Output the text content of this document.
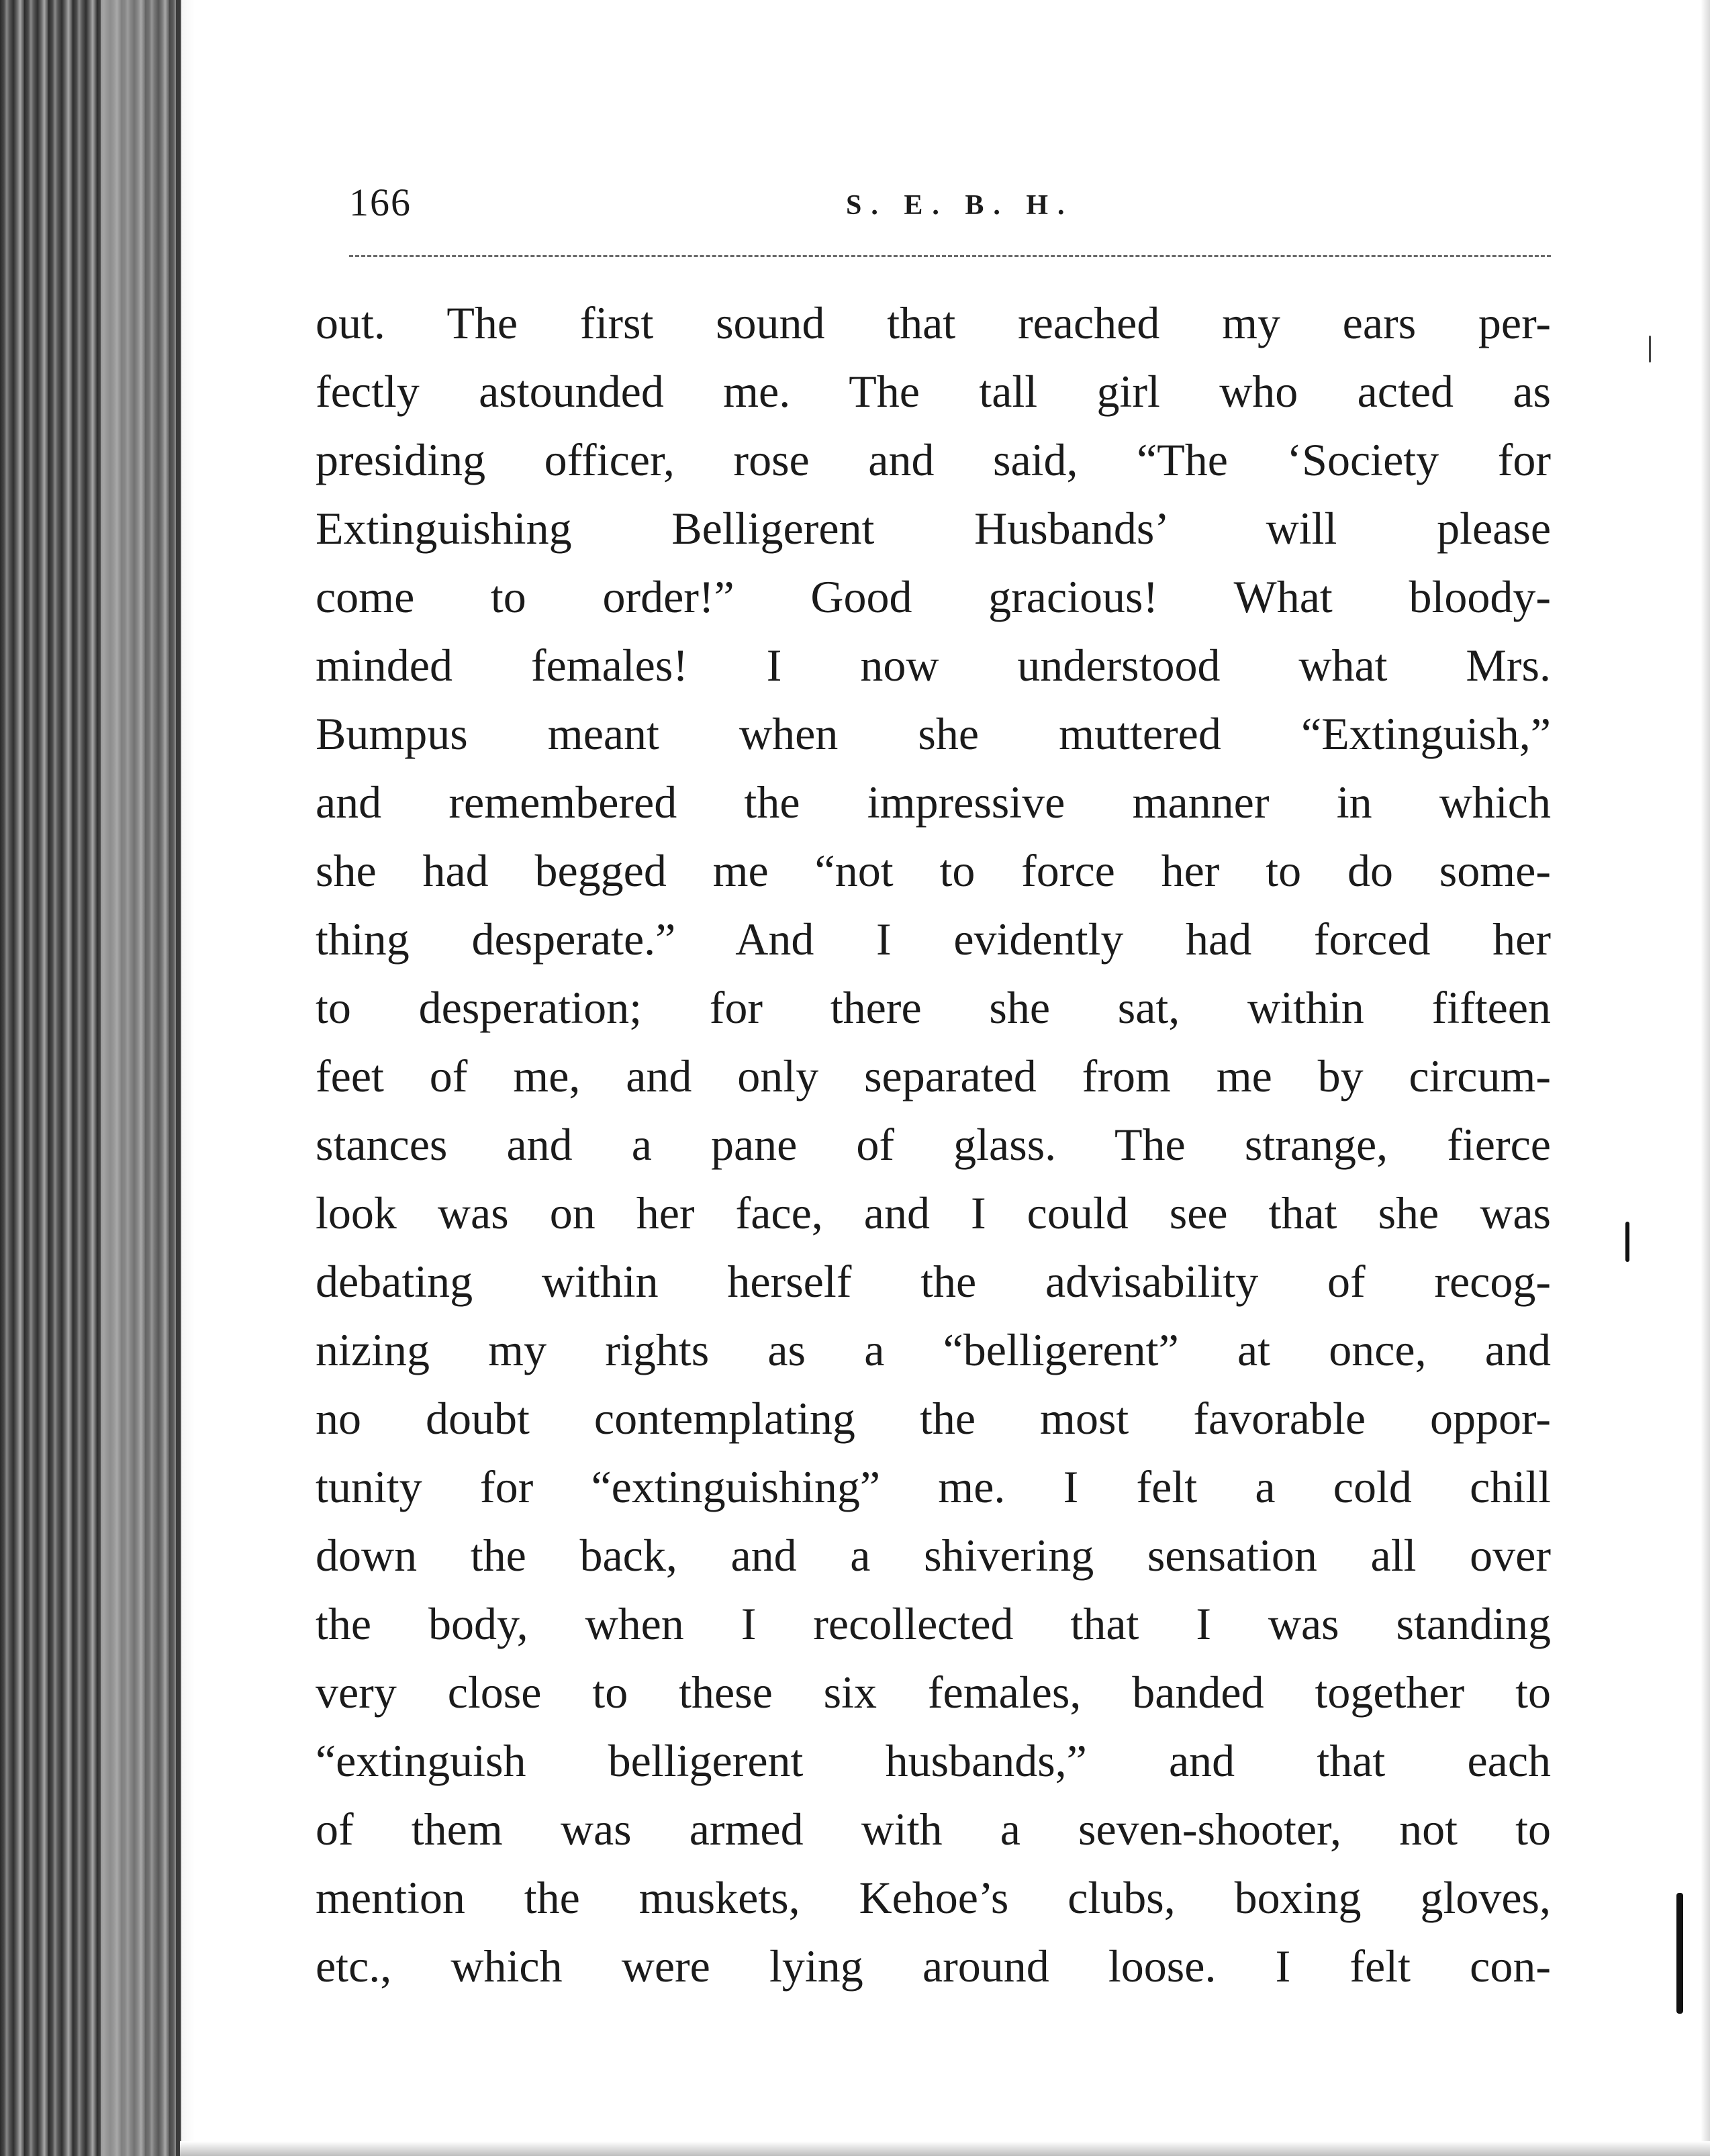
166	S. E. B. H.
out. The first sound that reached my ears per-
fectly astounded me. The tall girl who acted as
presiding officer, rose and said, “The ‘Society for
Extinguishing Belligerent Husbands’ will please
come to order!” Good gracious! What bloody-
minded females! I now understood what Mrs.
Bumpus meant when she muttered “Extinguish,”
and remembered the impressive manner in which
she had begged me “not to force her to do some-
thing desperate.” And I evidently had forced her
to desperation; for there she sat, within fifteen
feet of me, and only separated from me by circum-
stances and a pane of glass. The strange, fierce
look was on her face, and I could see that she was
debating within herself the advisability of recog-
nizing my rights as a “belligerent” at once, and
no doubt contemplating the most favorable oppor-
tunity for “extinguishing” me. I felt a cold chill
down the back, and a shivering sensation all over
the body, when I recollected that I was standing
very close to these six females, banded together to
“extinguish belligerent husbands,” and that each
of them was armed with a seven-shooter, not to
mention the muskets, Kehoe’s clubs, boxing gloves,
etc., which were lying around loose. I felt con-
